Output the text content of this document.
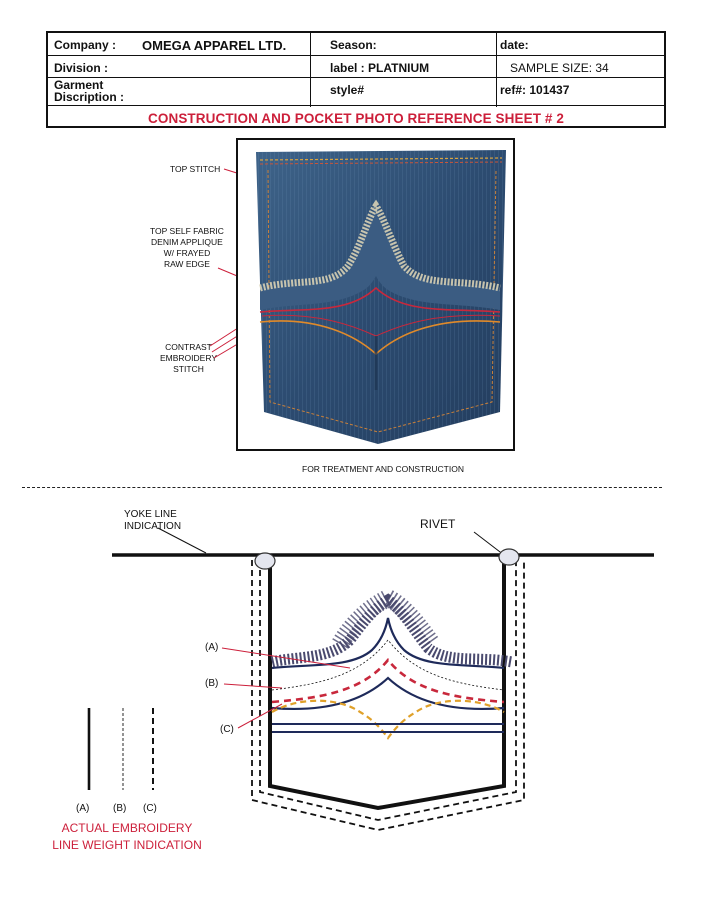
Company : OMEGA APPAREL LTD.	Season:	date:
Division :	label : PLATNIUM	SAMPLE SIZE: 34
Garment
Discription :	style#	ref#: 101437
CONSTRUCTION AND POCKET PHOTO REFERENCE SHEET # 2
TOP STITCH
TOP SELF FABRIC
DENIM APPLIQUE
W/ FRAYED
RAW EDGE
CONTRAST
EMBROIDERY
STITCH
FOR TREATMENT AND CONSTRUCTION
YOKE LINE
INDICATION	RIVET
(A)
(B)
(C)
(A) (B) (C)
ACTUAL EMBROIDERY
LINE WEIGHT INDICATION
